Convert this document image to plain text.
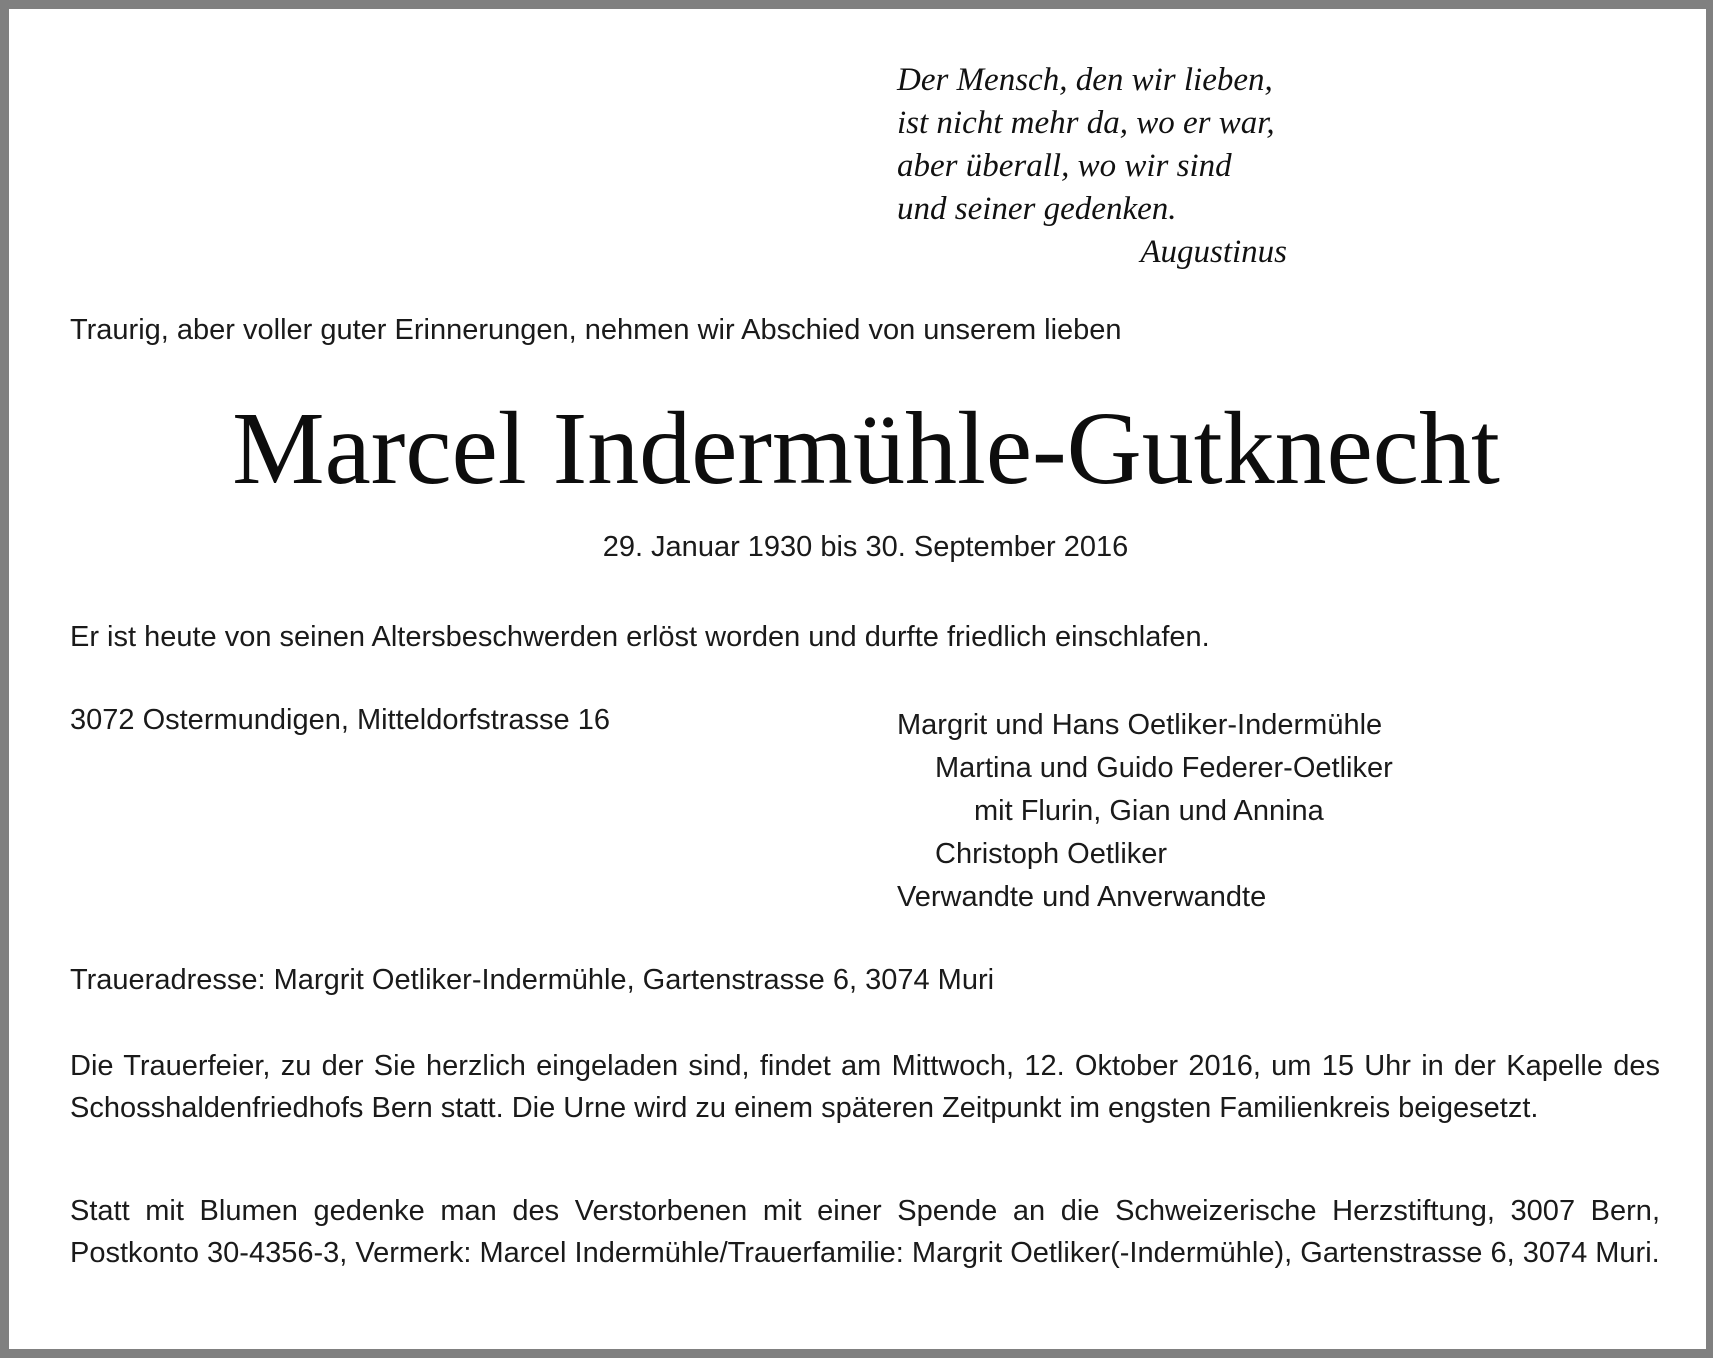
Der Mensch, den wir lieben,
ist nicht mehr da, wo er war,
aber überall, wo wir sind
und seiner gedenken.
Augustinus
Traurig, aber voller guter Erinnerungen, nehmen wir Abschied von unserem lieben
Marcel Indermühle-Gutknecht
29. Januar 1930 bis 30. September 2016
Er ist heute von seinen Altersbeschwerden erlöst worden und durfte friedlich einschlafen.
3072 Ostermundigen, Mitteldorfstrasse 16	Margrit und Hans Oetliker-Indermühle
Martina und Guido Federer-Oetliker
mit Flurin, Gian und Annina
Christoph Oetliker
Verwandte und Anverwandte
Traueradresse: Margrit Oetliker-Indermühle, Gartenstrasse 6, 3074 Muri
Die Trauerfeier, zu der Sie herzlich eingeladen sind, findet am Mittwoch, 12. Oktober 2016, um 15 Uhr in der Kapelle des Schosshaldenfriedhofs Bern statt. Die Urne wird zu einem späteren Zeitpunkt im engsten Familienkreis beigesetzt.
Statt mit Blumen gedenke man des Verstorbenen mit einer Spende an die Schweizerische Herzstiftung, 3007 Bern, Postkonto 30-4356-3, Vermerk: Marcel Indermühle/Trauerfamilie: Margrit Oetliker(-Indermühle), Gartenstrasse 6, 3074 Muri.
